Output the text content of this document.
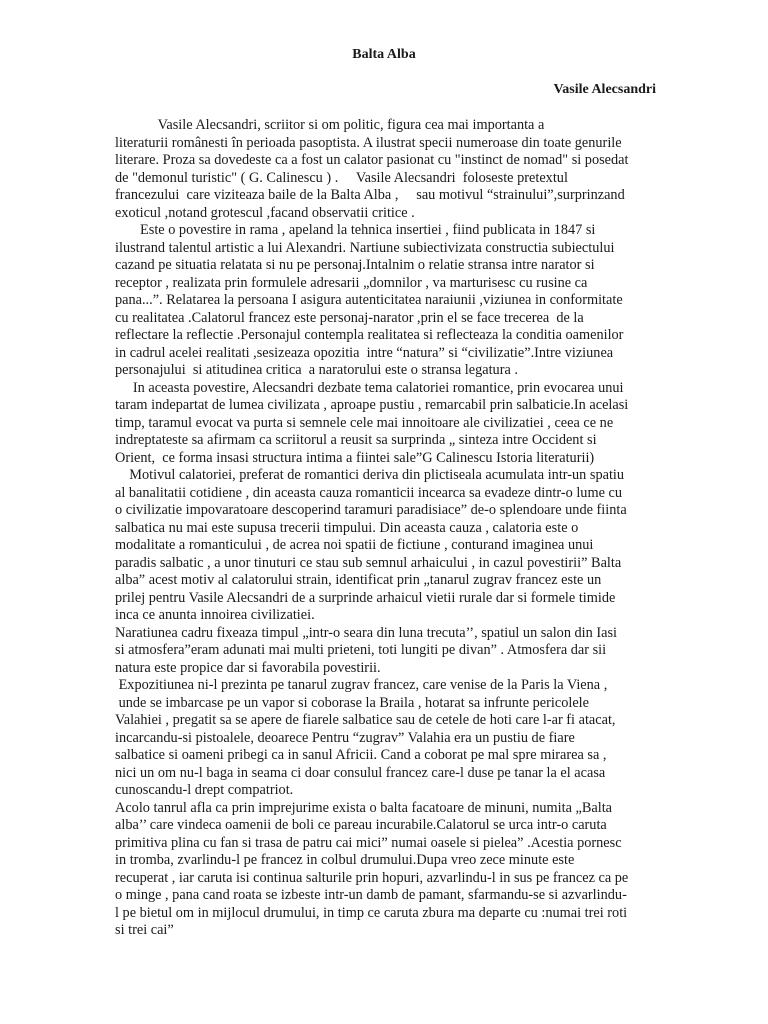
Balta Alba

Vasile Alecsandri

Vasile Alecsandri, scriitor si om politic, figura cea mai importanta a
literaturii românesti în perioada pasoptista. A ilustrat specii numeroase din toate genurile
literare. Proza sa dovedeste ca a fost un calator pasionat cu "instinct de nomad" si posedat
de "demonul turistic" ( G. Calinescu ) .     Vasile Alecsandri  foloseste pretextul
francezului  care viziteaza baile de la Balta Alba ,     sau motivul “strainului”,surprinzand
exoticul ,notand grotescul ,facand observatii critice .
Este o povestire in rama , apeland la tehnica insertiei , fiind publicata in 1847 si
ilustrand talentul artistic a lui Alexandri. Nartiune subiectivizata constructia subiectului
cazand pe situatia relatata si nu pe personaj.Intalnim o relatie stransa intre narator si
receptor , realizata prin formulele adresarii „domnilor , va marturisesc cu rusine ca
pana...”. Relatarea la persoana I asigura autenticitatea naraiunii ,viziunea in conformitate
cu realitatea .Calatorul francez este personaj-narator ,prin el se face trecerea  de la
reflectare la reflectie .Personajul contempla realitatea si reflecteaza la conditia oamenilor
in cadrul acelei realitati ,sesizeaza opozitia  intre “natura” si “civilizatie”.Intre viziunea
personajului  si atitudinea critica  a naratorului este o stransa legatura .
In aceasta povestire, Alecsandri dezbate tema calatoriei romantice, prin evocarea unui
taram indepartat de lumea civilizata , aproape pustiu , remarcabil prin salbaticie.In acelasi
timp, taramul evocat va purta si semnele cele mai innoitoare ale civilizatiei , ceea ce ne
indreptateste sa afirmam ca scriitorul a reusit sa surprinda „ sinteza intre Occident si
Orient,  ce forma insasi structura intima a fiintei sale”G Calinescu Istoria literaturii)
Motivul calatoriei, preferat de romantici deriva din plictiseala acumulata intr-un spatiu
al banalitatii cotidiene , din aceasta cauza romanticii incearca sa evadeze dintr-o lume cu
o civilizatie impovaratoare descoperind taramuri paradisiace” de-o splendoare unde fiinta
salbatica nu mai este supusa trecerii timpului. Din aceasta cauza , calatoria este o
modalitate a romanticului , de acrea noi spatii de fictiune , conturand imaginea unui
paradis salbatic , a unor tinuturi ce stau sub semnul arhaicului , in cazul povestirii” Balta
alba” acest motiv al calatorului strain, identificat prin „tanarul zugrav francez este un
prilej pentru Vasile Alecsandri de a surprinde arhaicul vietii rurale dar si formele timide
inca ce anunta innoirea civilizatiei.
Naratiunea cadru fixeaza timpul „intr-o seara din luna trecuta’’, spatiul un salon din Iasi
si atmosfera”eram adunati mai multi prieteni, toti lungiti pe divan” . Atmosfera dar sii
natura este propice dar si favorabila povestirii.
Expozitiunea ni-l prezinta pe tanarul zugrav francez, care venise de la Paris la Viena ,
unde se imbarcase pe un vapor si coborase la Braila , hotarat sa infrunte pericolele
Valahiei , pregatit sa se apere de fiarele salbatice sau de cetele de hoti care l-ar fi atacat,
incarcandu-si pistoalele, deoarece Pentru “zugrav” Valahia era un pustiu de fiare
salbatice si oameni pribegi ca in sanul Africii. Cand a coborat pe mal spre mirarea sa ,
nici un om nu-l baga in seama ci doar consulul francez care-l duse pe tanar la el acasa
cunoscandu-l drept compatriot.
Acolo tanrul afla ca prin imprejurime exista o balta facatoare de minuni, numita „Balta
alba’’ care vindeca oamenii de boli ce pareau incurabile.Calatorul se urca intr-o caruta
primitiva plina cu fan si trasa de patru cai mici” numai oasele si pielea” .Acestia pornesc
in tromba, zvarlindu-l pe francez in colbul drumului.Dupa vreo zece minute este
recuperat , iar caruta isi continua salturile prin hopuri, azvarlindu-l in sus pe francez ca pe
o minge , pana cand roata se izbeste intr-un damb de pamant, sfarmandu-se si azvarlindu-
l pe bietul om in mijlocul drumului, in timp ce caruta zbura ma departe cu :numai trei roti
si trei cai”
